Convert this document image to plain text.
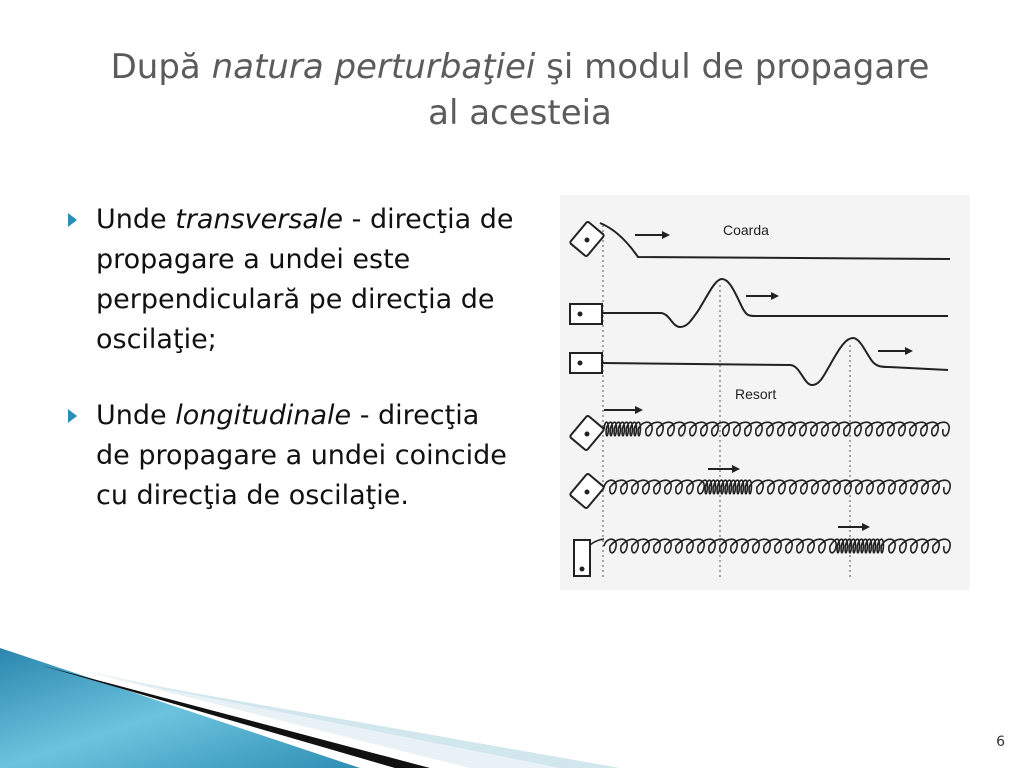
După natura perturbaţiei şi modul de propagare al acesteia
Unde transversale - direcţia de propagare a undei este perpendiculară pe direcţia de oscilaţie;
Unde longitudinale - direcţia de propagare a undei coincide cu direcţia de oscilaţie.
Coarda
Resort
6
